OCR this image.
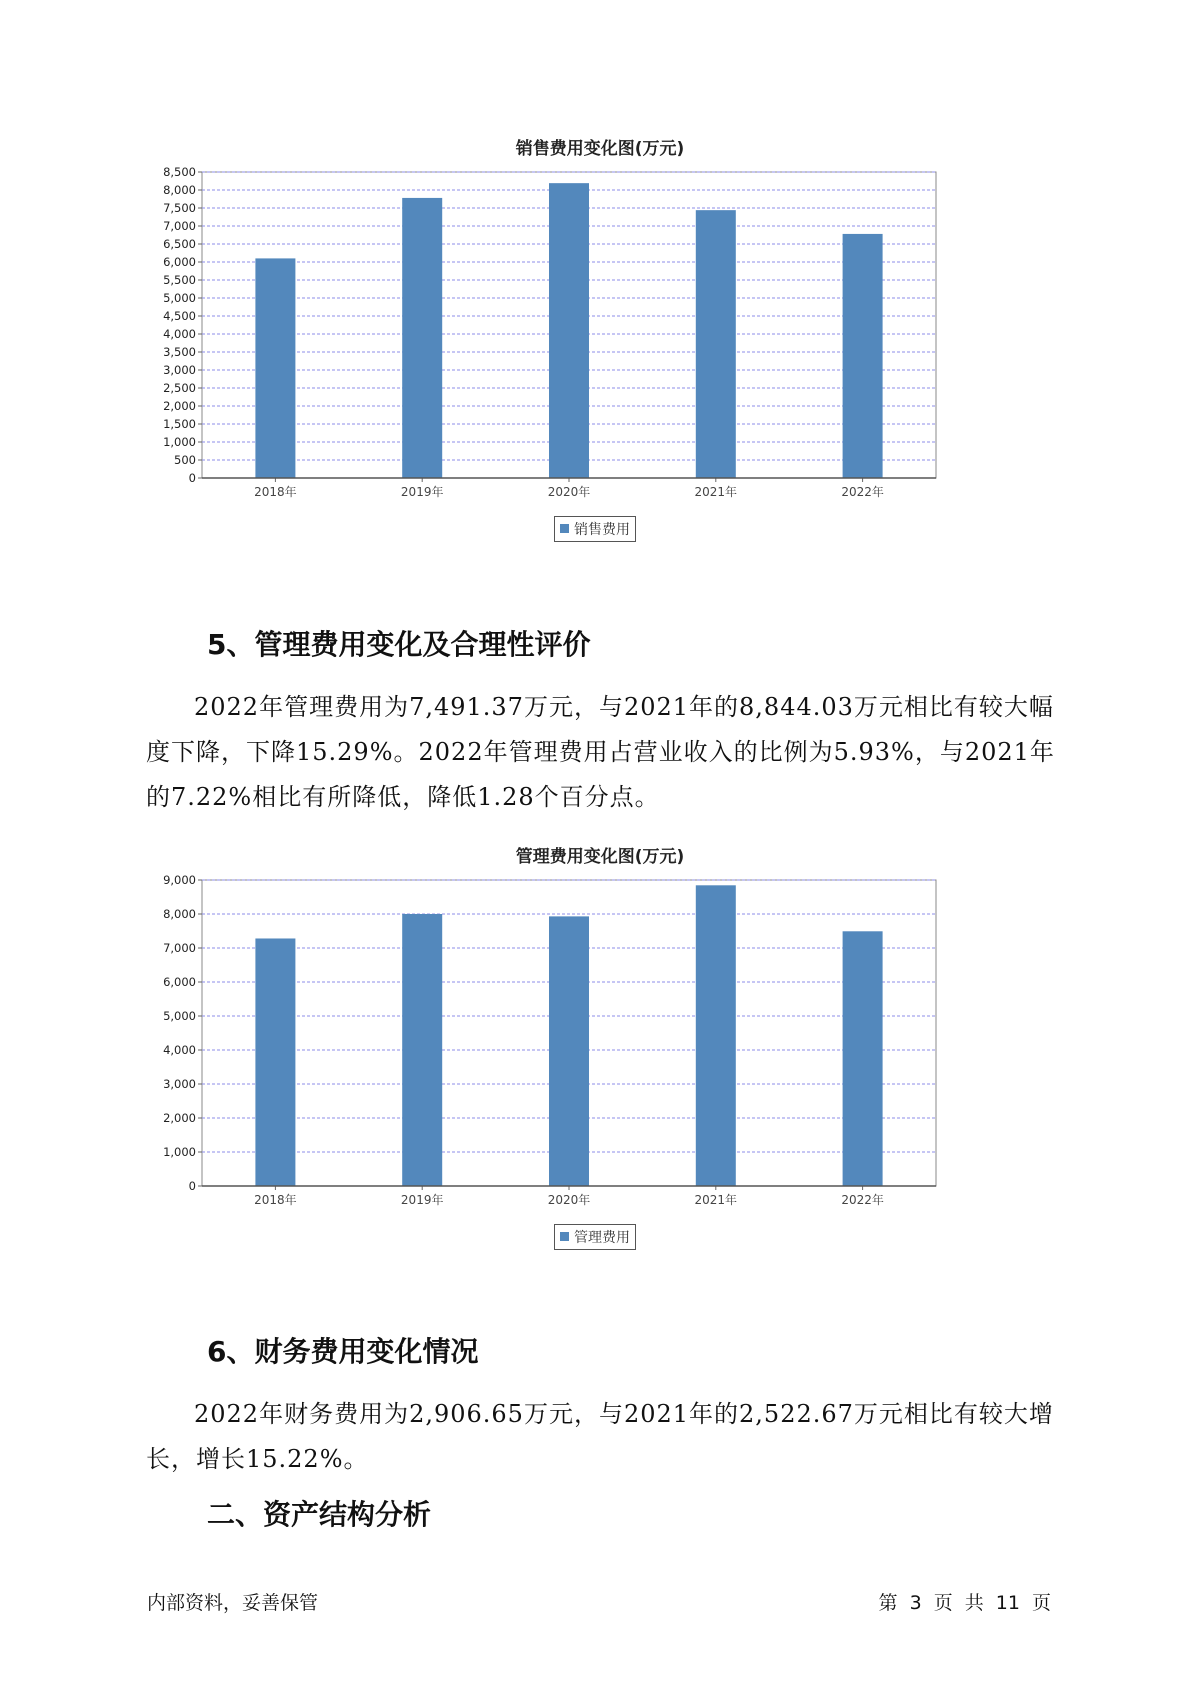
销售费用变化图(万元)
0
500
1,000
1,500
2,000
2,500
3,000
3,500
4,000
4,500
5,000
5,500
6,000
6,500
7,000
7,500
8,000
8,500
2018年	2019年	2020年	2021年	2022年
销售费用
5、管理费用变化及合理性评价
2022年管理费用为7,491.37万元，与2021年的8,844.03万元相比有较大幅度下降，下降15.29%。2022年管理费用占营业收入的比例为5.93%，与2021年的7.22%相比有所降低，降低1.28个百分点。
管理费用变化图(万元)
0
1,000
2,000
3,000
4,000
5,000
6,000
7,000
8,000
9,000
2018年	2019年	2020年	2021年	2022年
管理费用
6、财务费用变化情况
2022年财务费用为2,906.65万元，与2021年的2,522.67万元相比有较大增长，增长15.22%。
二、资产结构分析
内部资料，妥善保管	第 3 页 共 11 页
